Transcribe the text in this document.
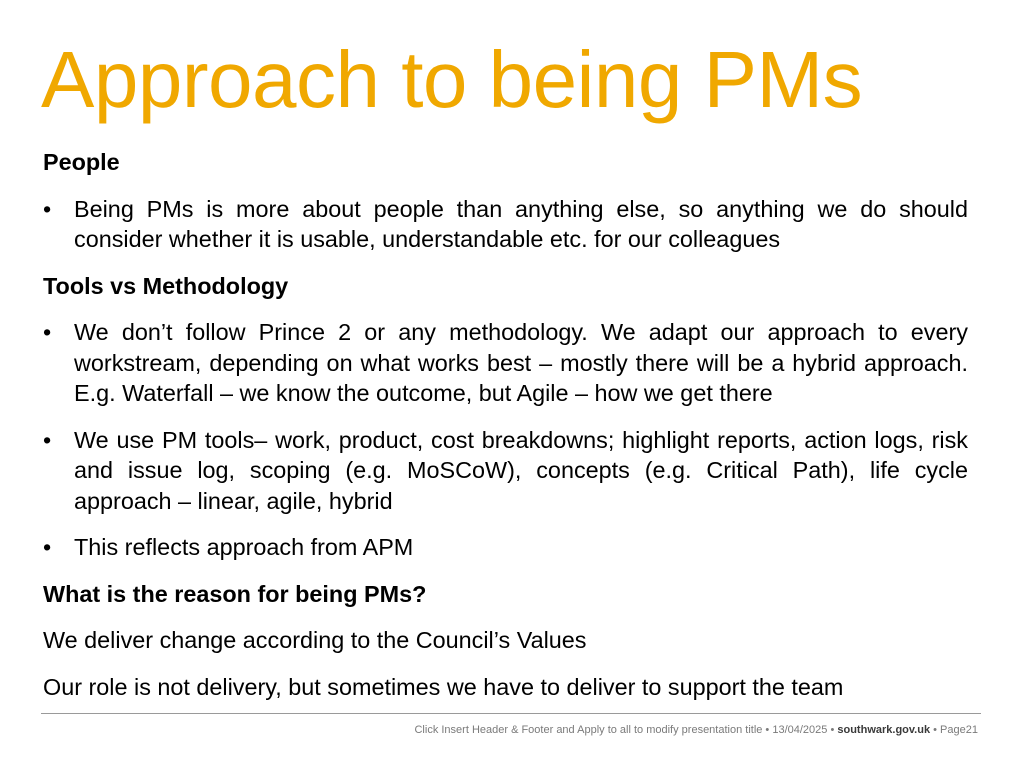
Approach to being PMs
People
• Being PMs is more about people than anything else, so anything we do should consider whether it is usable, understandable etc. for our colleagues
Tools vs Methodology
• We don’t follow Prince 2 or any methodology. We adapt our approach to every workstream, depending on what works best – mostly there will be a hybrid approach. E.g. Waterfall – we know the outcome, but Agile – how we get there
• We use PM tools– work, product, cost breakdowns; highlight reports, action logs, risk and issue log, scoping (e.g. MoSCoW), concepts (e.g. Critical Path), life cycle approach – linear, agile, hybrid
• This reflects approach from APM
What is the reason for being PMs?
We deliver change according to the Council’s Values
Our role is not delivery, but sometimes we have to deliver to support the team
Click Insert Header & Footer and Apply to all to modify presentation title • 13/04/2025 • southwark.gov.uk • Page21
